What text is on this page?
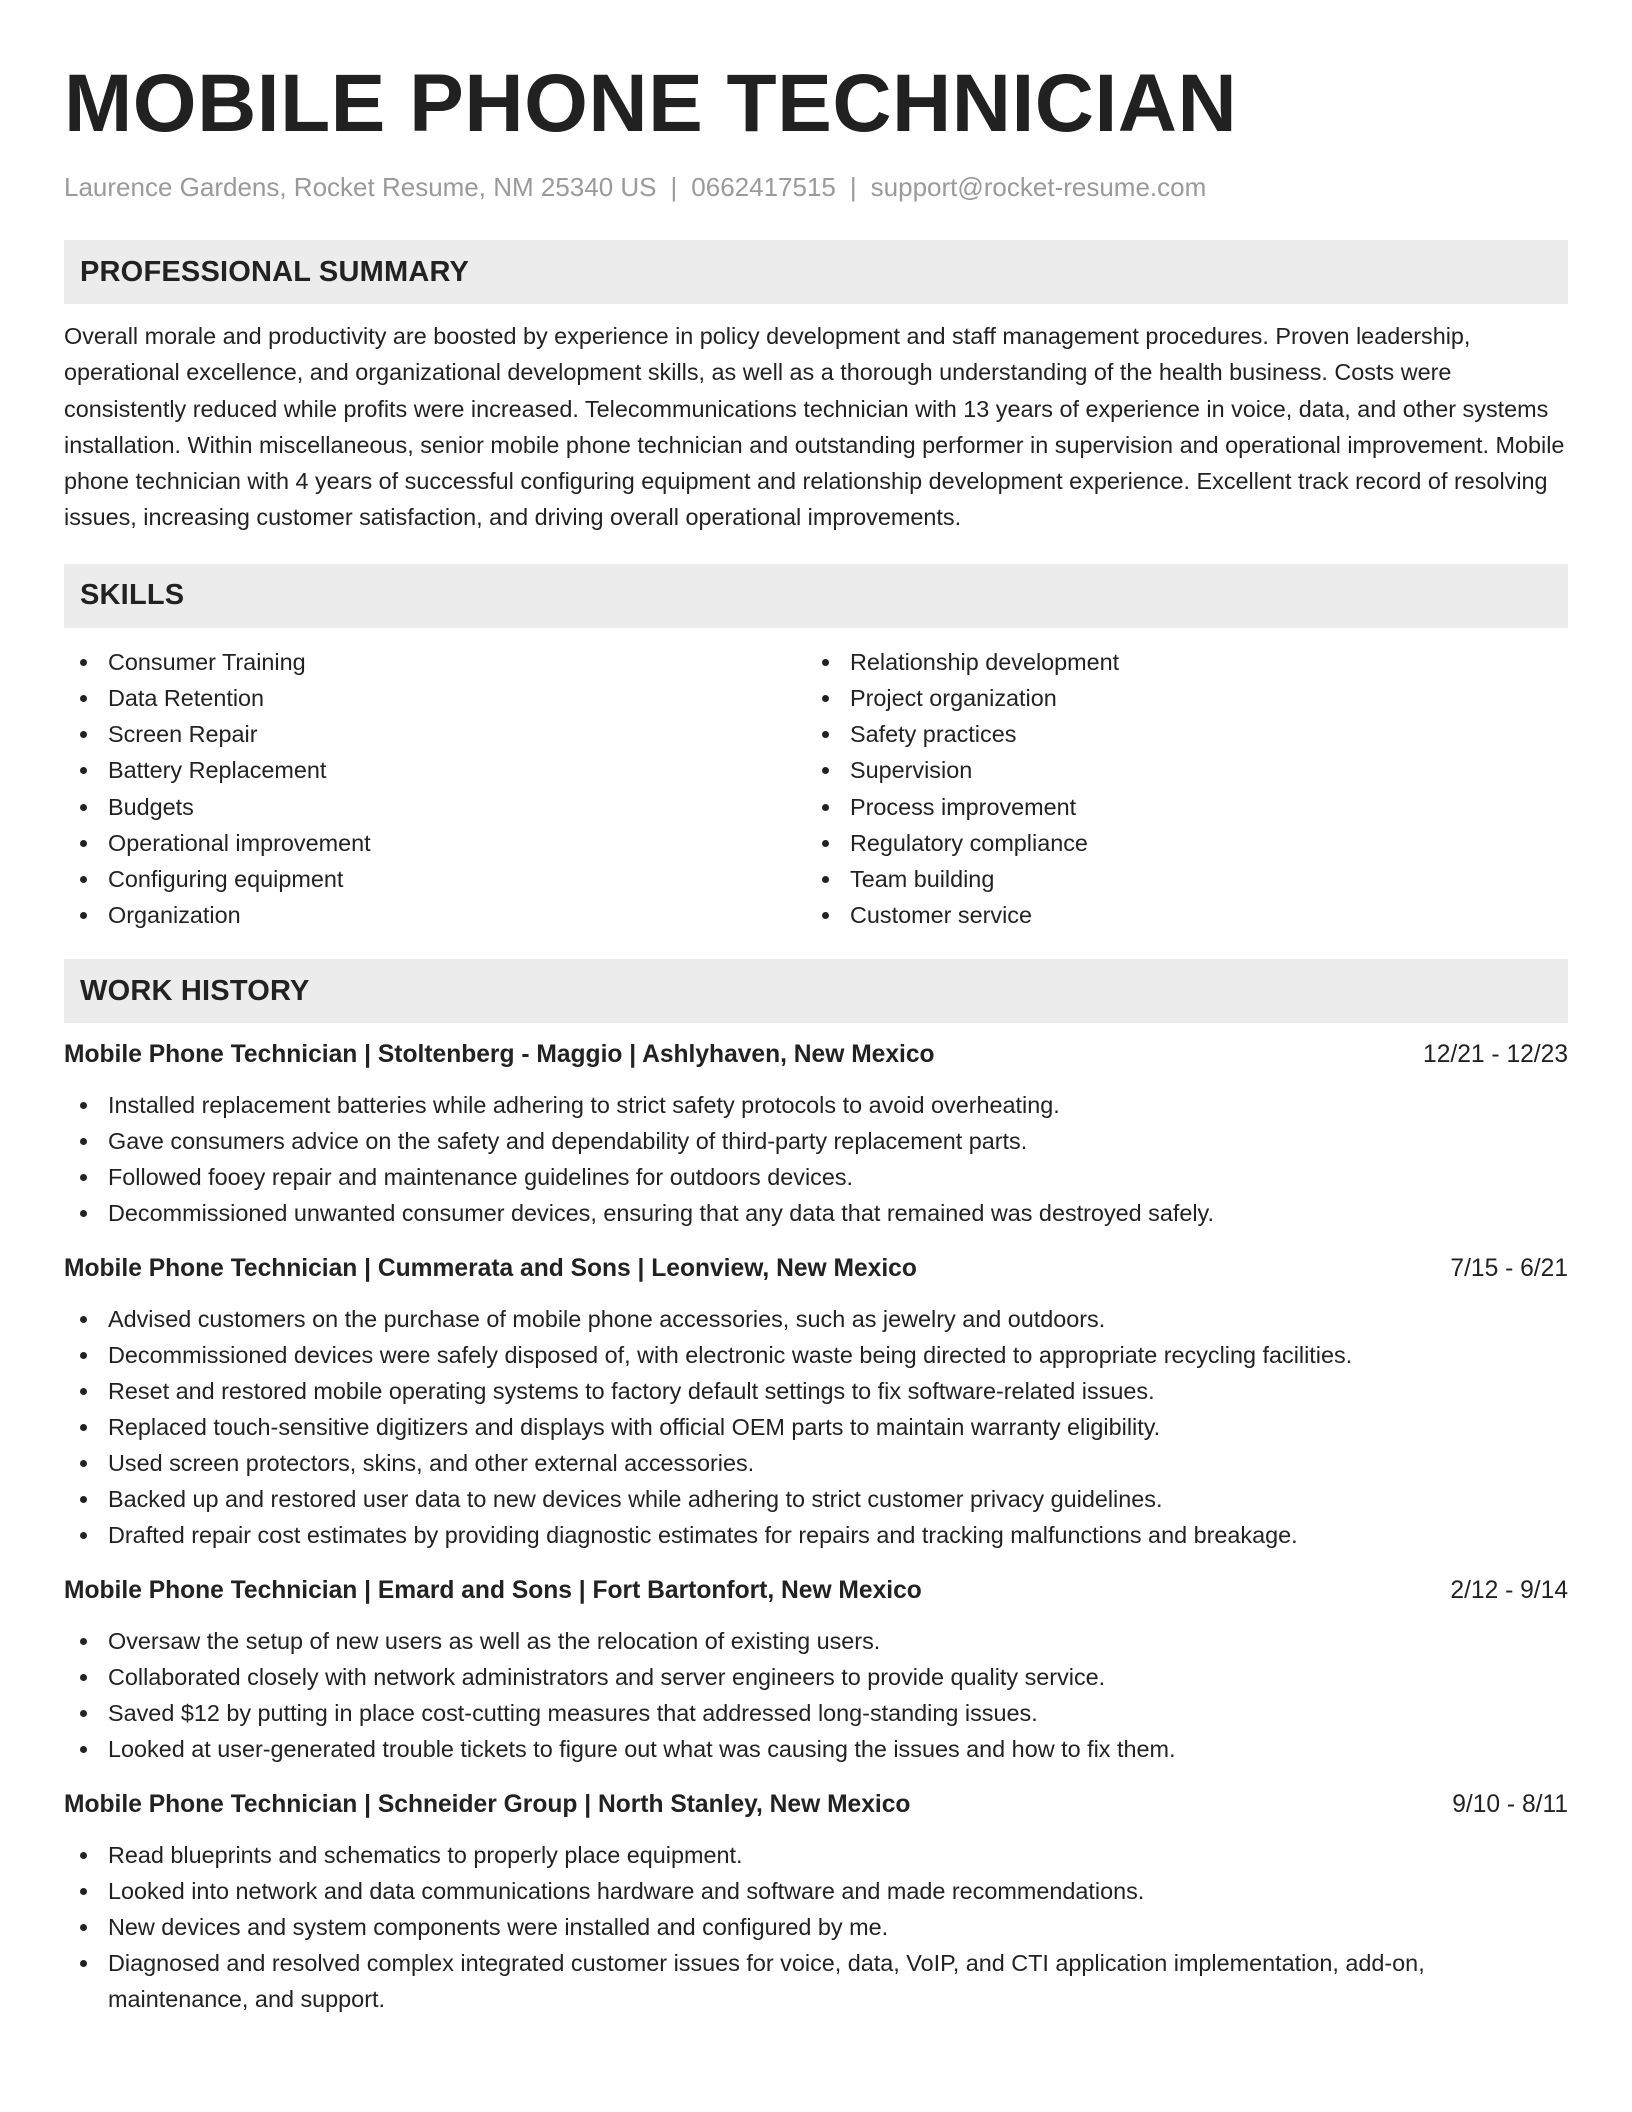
MOBILE PHONE TECHNICIAN
Laurence Gardens, Rocket Resume, NM 25340 US | 0662417515 | support@rocket-resume.com
PROFESSIONAL SUMMARY

Overall morale and productivity are boosted by experience in policy development and staff management procedures. Proven leadership, operational excellence, and organizational development skills, as well as a thorough understanding of the health business. Costs were consistently reduced while profits were increased. Telecommunications technician with 13 years of experience in voice, data, and other systems installation. Within miscellaneous, senior mobile phone technician and outstanding performer in supervision and operational improvement. Mobile phone technician with 4 years of successful configuring equipment and relationship development experience. Excellent track record of resolving issues, increasing customer satisfaction, and driving overall operational improvements.

SKILLS
Consumer Training
Data Retention
Screen Repair
Battery Replacement
Budgets
Operational improvement
Configuring equipment
Organization
Relationship development
Project organization
Safety practices
Supervision
Process improvement
Regulatory compliance
Team building
Customer service
WORK HISTORY
Mobile Phone Technician | Stoltenberg - Maggio | Ashlyhaven, New Mexico	12/21 - 12/23
Installed replacement batteries while adhering to strict safety protocols to avoid overheating.
Gave consumers advice on the safety and dependability of third-party replacement parts.
Followed fooey repair and maintenance guidelines for outdoors devices.
Decommissioned unwanted consumer devices, ensuring that any data that remained was destroyed safely.
Mobile Phone Technician | Cummerata and Sons | Leonview, New Mexico	7/15 - 6/21
Advised customers on the purchase of mobile phone accessories, such as jewelry and outdoors.
Decommissioned devices were safely disposed of, with electronic waste being directed to appropriate recycling facilities.
Reset and restored mobile operating systems to factory default settings to fix software-related issues.
Replaced touch-sensitive digitizers and displays with official OEM parts to maintain warranty eligibility.
Used screen protectors, skins, and other external accessories.
Backed up and restored user data to new devices while adhering to strict customer privacy guidelines.
Drafted repair cost estimates by providing diagnostic estimates for repairs and tracking malfunctions and breakage.
Mobile Phone Technician | Emard and Sons | Fort Bartonfort, New Mexico	2/12 - 9/14
Oversaw the setup of new users as well as the relocation of existing users.
Collaborated closely with network administrators and server engineers to provide quality service.
Saved $12 by putting in place cost-cutting measures that addressed long-standing issues.
Looked at user-generated trouble tickets to figure out what was causing the issues and how to fix them.
Mobile Phone Technician | Schneider Group | North Stanley, New Mexico	9/10 - 8/11
Read blueprints and schematics to properly place equipment.
Looked into network and data communications hardware and software and made recommendations.
New devices and system components were installed and configured by me.
Diagnosed and resolved complex integrated customer issues for voice, data, VoIP, and CTI application implementation, add-on, maintenance, and support.
